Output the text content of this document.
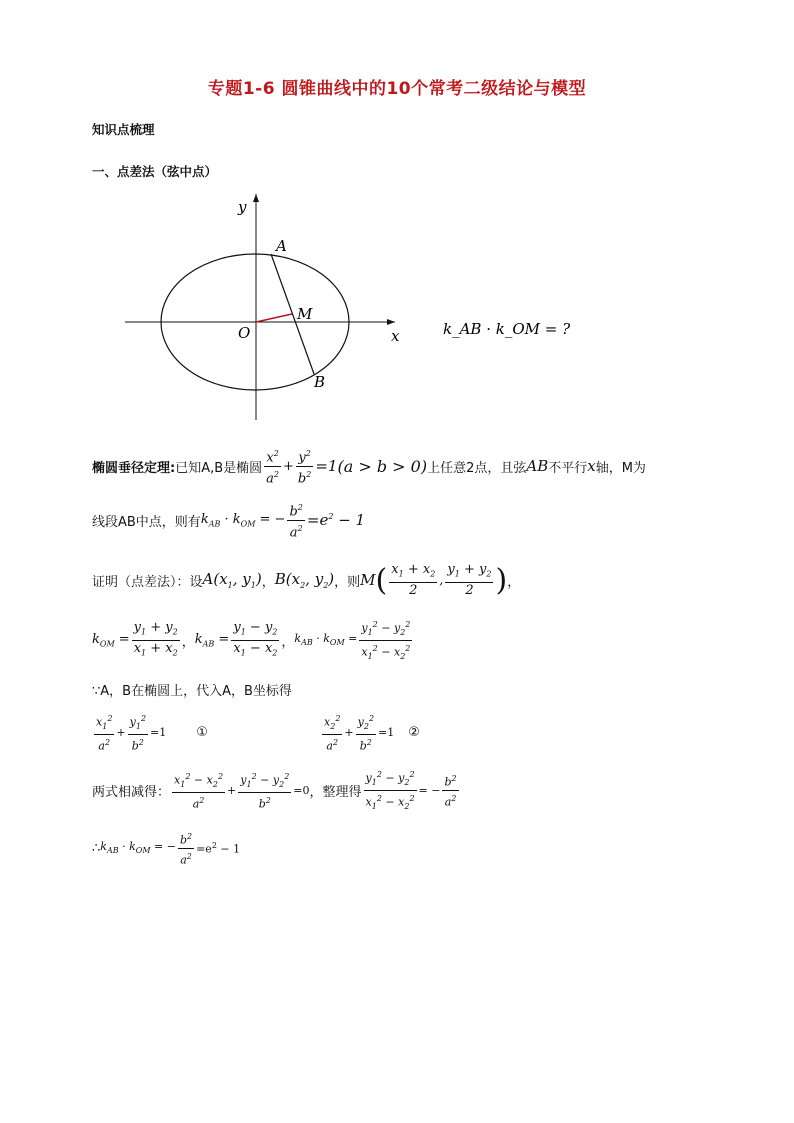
专题1-6 圆锥曲线中的10个常考二级结论与模型
知识点梳理
一、点差法（弦中点）
A
B
M
O	x
y
k_AB · k_OM = ?
椭圆垂径定理: 已知A,B是椭圆 $\frac{x^2}{a^2} + \frac{y^2}{b^2} =1$ (a > b > 0) 上任意2点，且弦 AB 不平行 x 轴，M为
线段AB中点，则有 $k_{AB} \cdot k_{OM}$ = − $\frac{b^2}{a^2} =e^2 - 1$
证明（点差法）：设 $A(x_1$, $y_1$) ， $B(x_2$, $y_2$) ，则 M ( $\frac{x_1 + x_2}{2}$ , $\frac{y_1 + y_2}{2}$ ) ，
$k_{OM} = \frac{y_1 + y_2}{x_1 + x_2}$ ， $k_{AB} = \frac{y_1 - y_2}{x_1 - x_2}$ ， $k_{AB} \cdot k_{OM} = \frac{y_1^2 - y_2^2}{x_1^2 - x_2^2}$
∵A，B在椭圆上，代入A，B坐标得
$\frac{x_1^2}{a^2} + \frac{y_1^2}{b^2} =1$ ①	$\frac{x_2^2}{a^2} + \frac{y_2^2}{b^2} =1$ ②
两式相减得： $\frac{x_1^2 - x_2^2}{a^2} + \frac{y_1^2 - y_2^2}{b^2} =0$ ，整理得 $\frac{y_1^2 - y_2^2}{x_1^2 - x_2^2}$ = − $\frac{b^2}{a^2}$
∴ $k_{AB} \cdot k_{OM}$ = − $\frac{b^2}{a^2} =e^2 - 1$
